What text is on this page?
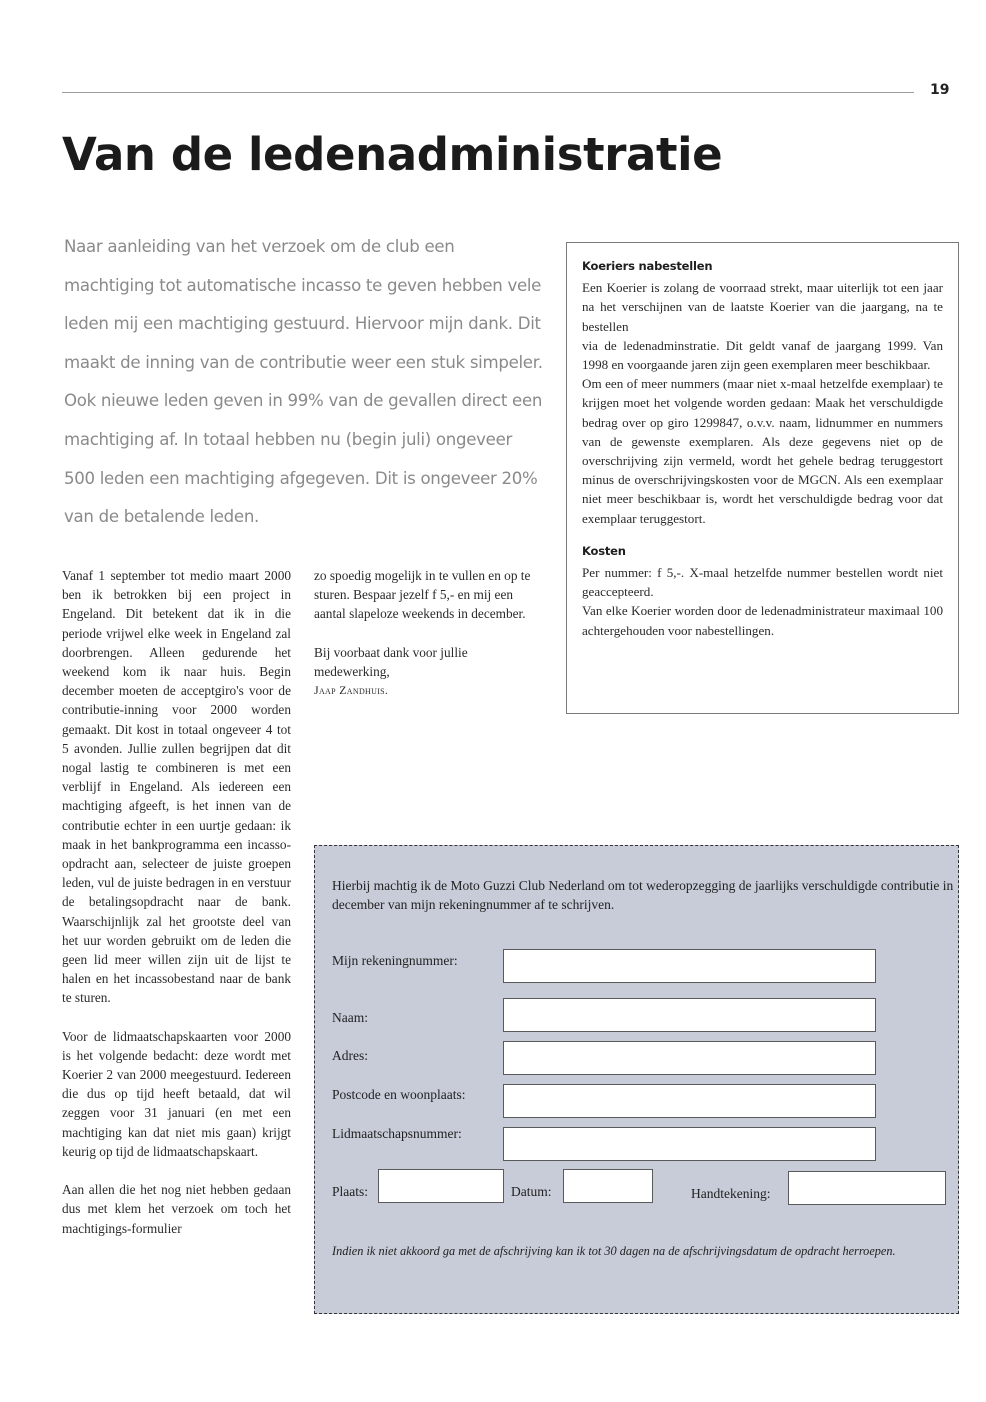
19
Van de ledenadministratie

Naar aanleiding van het verzoek om de club een machtiging tot automatische incasso te geven hebben vele leden mij een machtiging gestuurd. Hiervoor mijn dank. Dit maakt de inning van de contributie weer een stuk simpeler. Ook nieuwe leden geven in 99% van de gevallen direct een machtiging af. In totaal hebben nu (begin juli) ongeveer 500 leden een machtiging afgegeven. Dit is ongeveer 20% van de betalende leden.

Vanaf 1 september tot medio maart 2000 ben ik betrokken bij een project in Engeland. Dit betekent dat ik in die periode vrijwel elke week in Engeland zal doorbrengen. Alleen gedurende het weekend kom ik naar huis. Begin december moeten de acceptgiro's voor de contributie-inning voor 2000 worden gemaakt. Dit kost in totaal ongeveer 4 tot 5 avonden. Jullie zullen begrijpen dat dit nogal lastig te combineren is met een verblijf in Engeland. Als iedereen een machtiging afgeeft, is het innen van de contributie echter in een uurtje gedaan: ik maak in het bankprogramma een incasso-opdracht aan, selecteer de juiste groepen leden, vul de juiste bedragen in en verstuur de betalingsopdracht naar de bank. Waarschijnlijk zal het grootste deel van het uur worden gebruikt om de leden die geen lid meer willen zijn uit de lijst te halen en het incassobestand naar de bank te sturen.

Voor de lidmaatschapskaarten voor 2000 is het volgende bedacht: deze wordt met Koerier 2 van 2000 meegestuurd. Iedereen die dus op tijd heeft betaald, dat wil zeggen voor 31 januari (en met een machtiging kan dat niet mis gaan) krijgt keurig op tijd de lidmaatschapskaart.

Aan allen die het nog niet hebben gedaan dus met klem het verzoek om toch het machtigings-formulier

zo spoedig mogelijk in te vullen en op te sturen. Bespaar jezelf f 5,- en mij een aantal slapeloze weekends in december.

Bij voorbaat dank voor jullie medewerking,

Jaap Zandhuis.
Koeriers nabestellen

Een Koerier is zolang de voorraad strekt, maar uiterlijk tot een jaar na het verschijnen van de laatste Koerier van die jaargang, na te bestellen

via de ledenadminstratie. Dit geldt vanaf de jaargang 1999. Van 1998 en voorgaande jaren zijn geen exemplaren meer beschikbaar.

Om een of meer nummers (maar niet x-maal hetzelfde exemplaar) te krijgen moet het volgende worden gedaan: Maak het verschuldigde bedrag over op giro 1299847, o.v.v. naam, lidnummer en nummers van de gewenste exemplaren. Als deze gegevens niet op de overschrijving zijn vermeld, wordt het gehele bedrag teruggestort minus de overschrijvingskosten voor de MGCN. Als een exemplaar niet meer beschikbaar is, wordt het verschuldigde bedrag voor dat exemplaar teruggestort.

Kosten

Per nummer: f 5,-. X-maal hetzelfde nummer bestellen wordt niet geaccepteerd.

Van elke Koerier worden door de ledenadministrateur maximaal 100 achtergehouden voor nabestellingen.

Hierbij machtig ik de Moto Guzzi Club Nederland om tot wederopzegging de jaarlijks verschuldigde contributie in december van mijn rekeningnummer af te schrijven.
Mijn rekeningnummer:
Naam:
Adres:
Postcode en woonplaats:
Lidmaatschapsnummer:
Plaats:	Datum:	Handtekening:
Indien ik niet akkoord ga met de afschrijving kan ik tot 30 dagen na de afschrijvingsdatum de opdracht herroepen.
